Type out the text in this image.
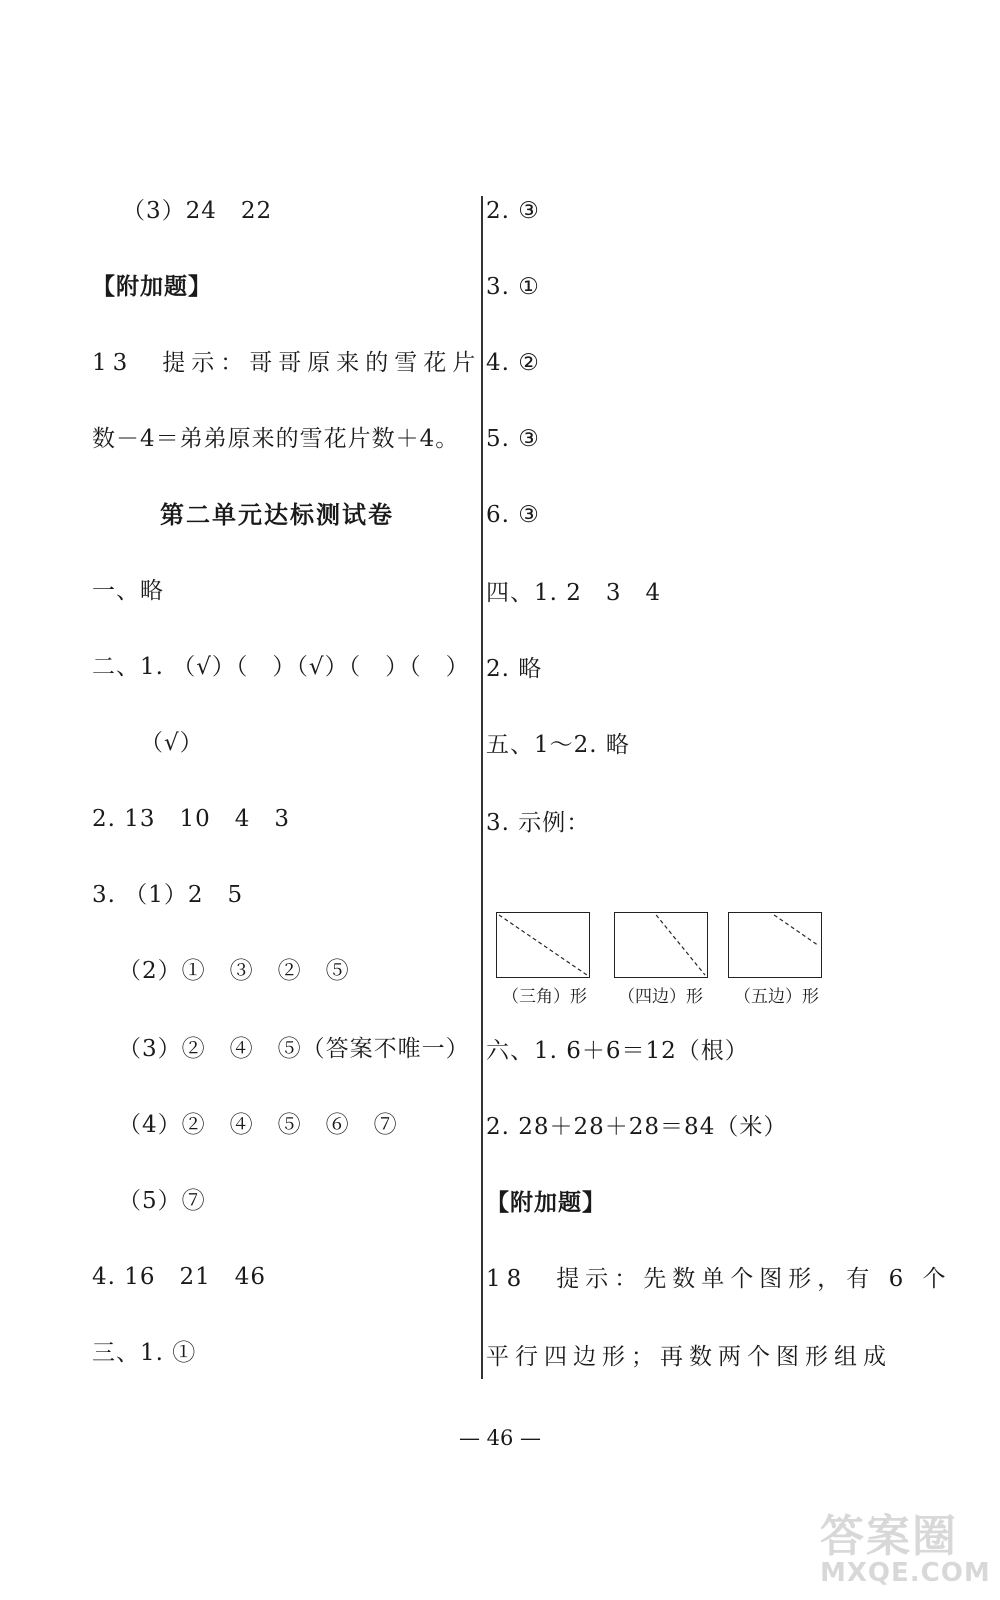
（3）24　22
【附加题】
13　提示：哥哥原来的雪花片
数－4＝弟弟原来的雪花片数＋4。
第二单元达标测试卷
一、略
二、1. （√）（　）（√）（　）（　）
（√）
2. 13　10　4　3
3. （1）2　5
（2）①　③　②　⑤
（3）②　④　⑤（答案不唯一）
（4）②　④　⑤　⑥　⑦
（5）⑦
4. 16　21　46
三、1. ①
2. ③
3. ①
4. ②
5. ③
6. ③
四、1. 2　3　4
2. 略
五、1～2. 略
3. 示例：
（三角）形 （四边）形 （五边）形
六、1. 6＋6＝12（根）
2. 28＋28＋28＝84（米）
【附加题】
18　提示：先数单个图形，有 6 个
平行四边形；再数两个图形组成
— 46 —
答案圈
MXQE.COM
